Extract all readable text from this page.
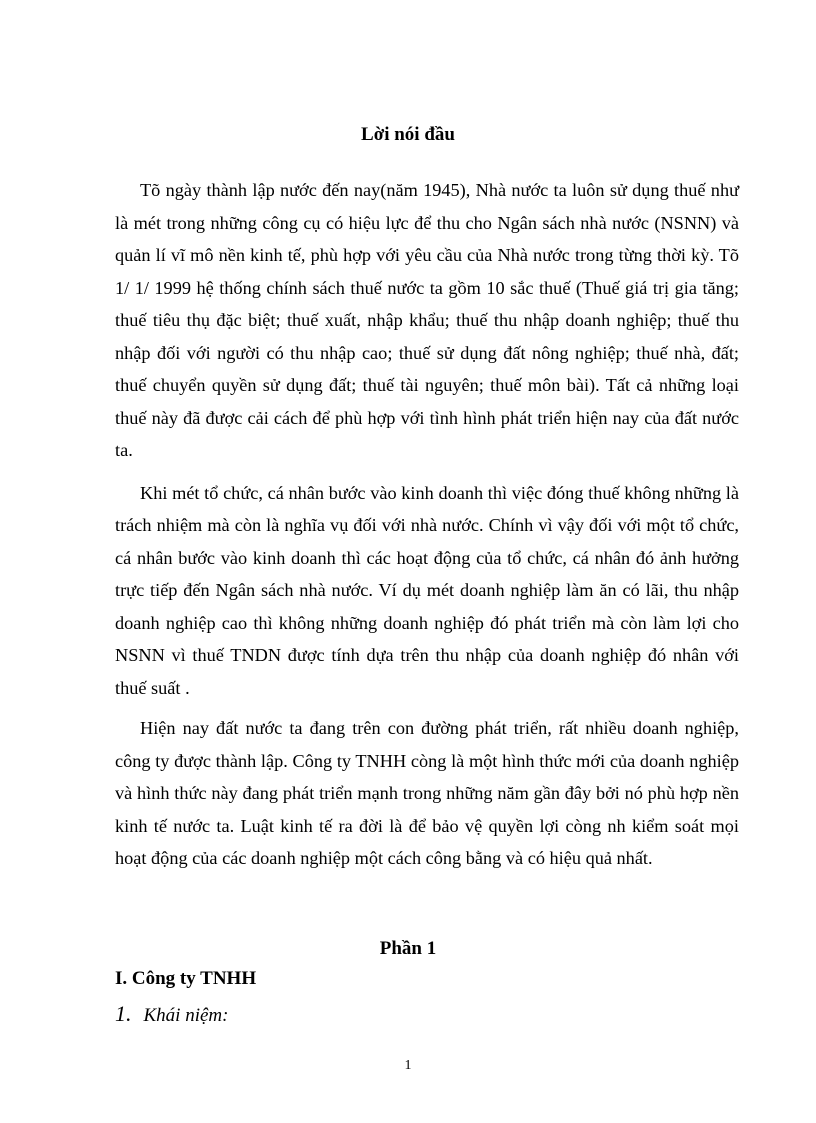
Lời nói đầu

Tõ ngày thành lập nước đến nay(năm 1945), Nhà nước ta luôn sử dụng thuế như là mét trong những công cụ có hiệu lực để thu cho Ngân sách nhà nước (NSNN) và quản lí vĩ mô nền kinh tế, phù hợp với yêu cầu của Nhà nước trong từng thời kỳ. Tõ 1/ 1/ 1999 hệ thống chính sách thuế nước ta gồm 10 sắc thuế (Thuế giá trị gia tăng; thuế tiêu thụ đặc biệt; thuế xuất, nhập khẩu; thuế thu nhập doanh nghiệp; thuế thu nhập đối với người có thu nhập cao; thuế sử dụng đất nông nghiệp; thuế nhà, đất; thuế chuyển quyền sử dụng đất; thuế tài nguyên; thuế môn bài). Tất cả những loại thuế này đã được cải cách để phù hợp với tình hình phát triển hiện nay của đất nước ta.

Khi mét tổ chức, cá nhân bước vào kinh doanh thì việc đóng thuế không những là trách nhiệm mà còn là nghĩa vụ đối với nhà nước. Chính vì vậy đối với một tổ chức, cá nhân bước vào kinh doanh thì các hoạt động của tổ chức, cá nhân đó ảnh hưởng trực tiếp đến Ngân sách nhà nước. Ví dụ mét doanh nghiệp làm ăn có lãi, thu nhập doanh nghiệp cao thì không những doanh nghiệp đó phát triển mà còn làm lợi cho NSNN vì thuế TNDN được tính dựa trên thu nhập của doanh nghiệp đó nhân với thuế suất .

Hiện nay đất nước ta đang trên con đường phát triển, rất nhiều doanh nghiệp, công ty được thành lập. Công ty TNHH còng là một hình thức mới của doanh nghiệp và hình thức này đang phát triển mạnh trong những năm gần đây bởi nó phù hợp nền kinh tế nước ta. Luật kinh tế ra đời là để bảo vệ quyền lợi còng nh kiểm soát mọi hoạt động của các doanh nghiệp một cách công bằng và có hiệu quả nhất.

Phần 1
I. Công ty TNHH
1. Khái niệm:
1
